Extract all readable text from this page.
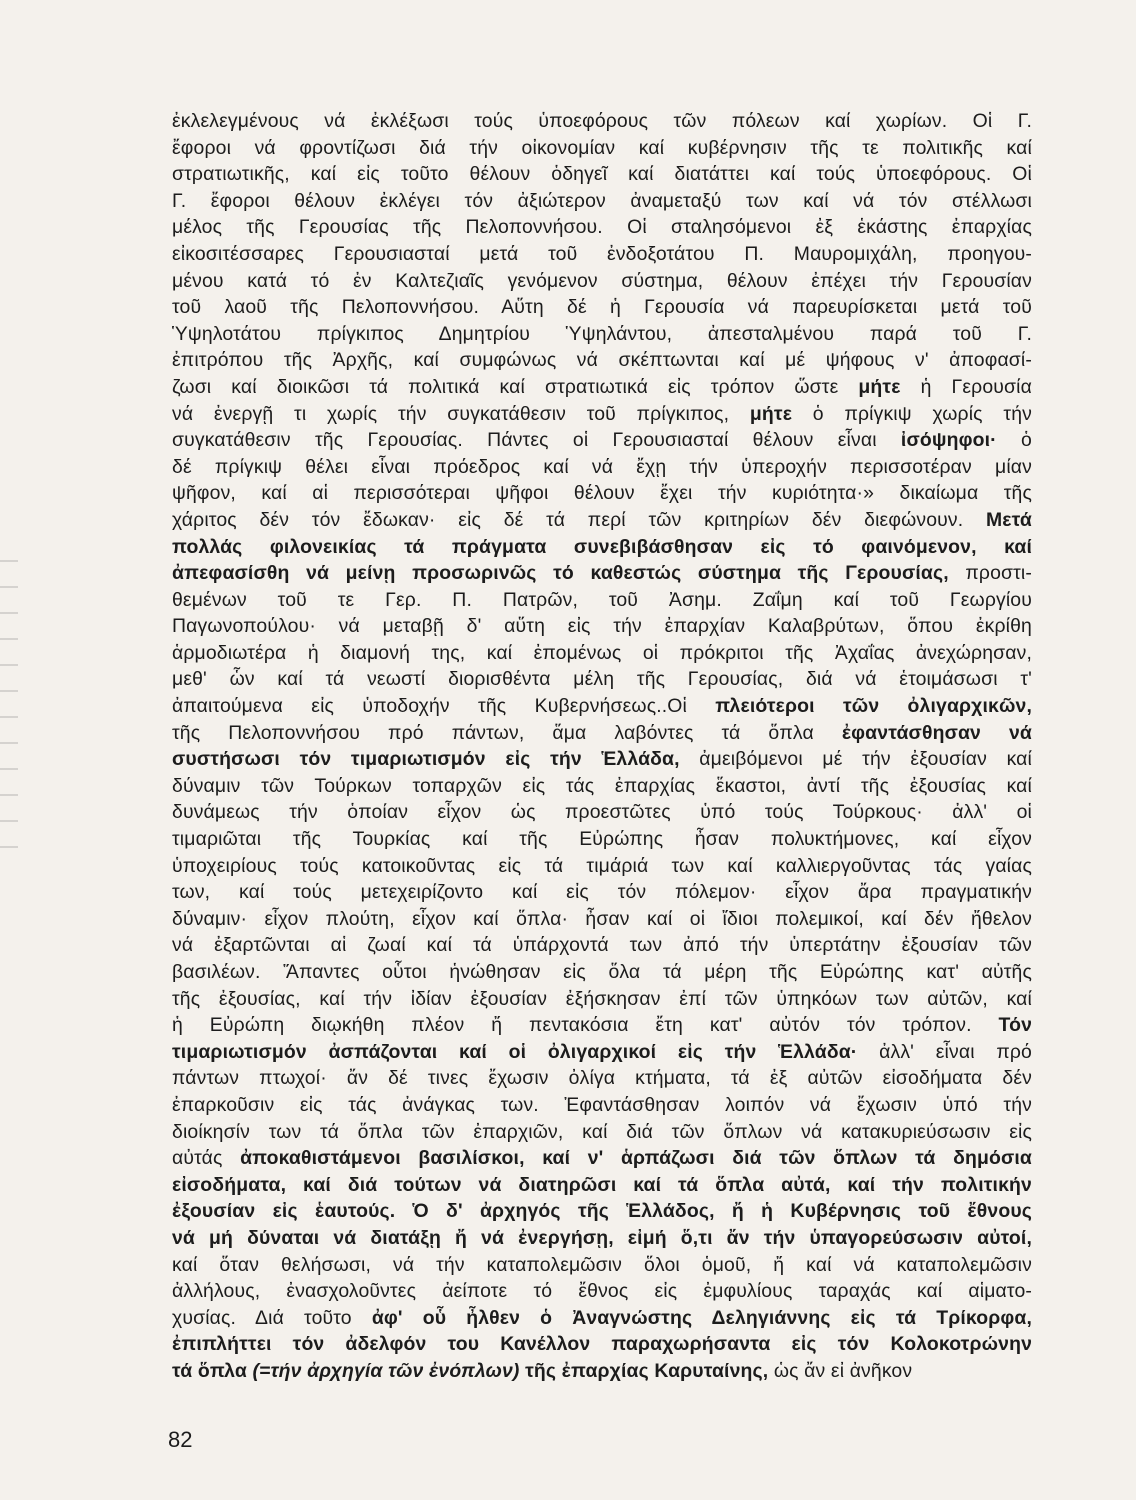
ἐκλελεγμένους νά ἐκλέξωσι τούς ὑποεφόρους τῶν πόλεων καί χωρίων. Οἱ Γ.
ἔφοροι νά φροντίζωσι διά τήν οἰκονομίαν καί κυβέρνησιν τῆς τε πολιτικῆς καί
στρατιωτικῆς, καί εἰς τοῦτο θέλουν ὁδηγεῖ καί διατάττει καί τούς ὑποεφόρους. Οἱ
Γ. ἔφοροι θέλουν ἐκλέγει τόν ἀξιώτερον ἀναμεταξύ των καί νά τόν στέλλωσι
μέλος τῆς Γερουσίας τῆς Πελοποννήσου. Οἱ σταλησόμενοι ἐξ ἑκάστης ἐπαρχίας
εἰκοσιτέσσαρες Γερουσιασταί μετά τοῦ ἐνδοξοτάτου Π. Μαυρομιχάλη, προηγου-
μένου κατά τό ἐν Καλτεζιαῖς γενόμενον σύστημα, θέλουν ἐπέχει τήν Γερουσίαν
τοῦ λαοῦ τῆς Πελοποννήσου. Αὕτη δέ ἡ Γερουσία νά παρευρίσκεται μετά τοῦ
Ὑψηλοτάτου πρίγκιπος Δημητρίου Ὑψηλάντου, ἀπεσταλμένου παρά τοῦ Γ.
ἐπιτρόπου τῆς Ἀρχῆς, καί συμφώνως νά σκέπτωνται καί μέ ψήφους ν' ἀποφασί-
ζωσι καί διοικῶσι τά πολιτικά καί στρατιωτικά εἰς τρόπον ὥστε μήτε ἡ Γερουσία
νά ἐνεργῇ τι χωρίς τήν συγκατάθεσιν τοῦ πρίγκιπος, μήτε ὁ πρίγκιψ χωρίς τήν
συγκατάθεσιν τῆς Γερουσίας. Πάντες οἱ Γερουσιασταί θέλουν εἶναι ἰσόψηφοι· ὁ
δέ πρίγκιψ θέλει εἶναι πρόεδρος καί νά ἔχῃ τήν ὑπεροχήν περισσοτέραν μίαν
ψῆφον, καί αἱ περισσότεραι ψῆφοι θέλουν ἔχει τήν κυριότητα·» δικαίωμα τῆς
χάριτος δέν τόν ἔδωκαν· εἰς δέ τά περί τῶν κριτηρίων δέν διεφώνουν. Μετά
πολλάς φιλονεικίας τά πράγματα συνεβιβάσθησαν εἰς τό φαινόμενον, καί
ἀπεφασίσθη νά μείνῃ προσωρινῶς τό καθεστώς σύστημα τῆς Γερουσίας, προστι-
θεμένων τοῦ τε Γερ. Π. Πατρῶν, τοῦ Ἀσημ. Ζαΐμη καί τοῦ Γεωργίου
Παγωνοπούλου· νά μεταβῇ δ' αὕτη εἰς τήν ἐπαρχίαν Καλαβρύτων, ὅπου ἐκρίθη
ἁρμοδιωτέρα ἡ διαμονή της, καί ἐπομένως οἱ πρόκριτοι τῆς Ἀχαΐας ἀνεχώρησαν,
μεθ' ὧν καί τά νεωστί διορισθέντα μέλη τῆς Γερουσίας, διά νά ἑτοιμάσωσι τ'
ἀπαιτούμενα εἰς ὑποδοχήν τῆς Κυβερνήσεως..Οἱ πλειότεροι τῶν ὀλιγαρχικῶν,
τῆς Πελοποννήσου πρό πάντων, ἅμα λαβόντες τά ὅπλα ἐφαντάσθησαν νά
συστήσωσι τόν τιμαριωτισμόν εἰς τήν Ἑλλάδα, ἀμειβόμενοι μέ τήν ἐξουσίαν καί
δύναμιν τῶν Τούρκων τοπαρχῶν εἰς τάς ἐπαρχίας ἕκαστοι, ἀντί τῆς ἐξουσίας καί
δυνάμεως τήν ὁποίαν εἶχον ὡς προεστῶτες ὑπό τούς Τούρκους· ἀλλ' οἱ
τιμαριῶται τῆς Τουρκίας καί τῆς Εὐρώπης ἦσαν πολυκτήμονες, καί εἶχον
ὑποχειρίους τούς κατοικοῦντας εἰς τά τιμάριά των καί καλλιεργοῦντας τάς γαίας
των, καί τούς μετεχειρίζοντο καί εἰς τόν πόλεμον· εἶχον ἄρα πραγματικήν
δύναμιν· εἶχον πλούτη, εἶχον καί ὅπλα· ἦσαν καί οἱ ἴδιοι πολεμικοί, καί δέν ἤθελον
νά ἐξαρτῶνται αἱ ζωαί καί τά ὑπάρχοντά των ἀπό τήν ὑπερτάτην ἐξουσίαν τῶν
βασιλέων. Ἅπαντες οὗτοι ἡνώθησαν εἰς ὅλα τά μέρη τῆς Εὐρώπης κατ' αὐτῆς
τῆς ἐξουσίας, καί τήν ἰδίαν ἐξουσίαν ἐξήσκησαν ἐπί τῶν ὑπηκόων των αὐτῶν, καί
ἡ Εὐρώπη διῳκήθη πλέον ἤ πεντακόσια ἔτη κατ' αὐτόν τόν τρόπον. Τόν
τιμαριωτισμόν ἀσπάζονται καί οἱ ὀλιγαρχικοί εἰς τήν Ἑλλάδα· ἀλλ' εἶναι πρό
πάντων πτωχοί· ἄν δέ τινες ἔχωσιν ὀλίγα κτήματα, τά ἐξ αὐτῶν εἰσοδήματα δέν
ἐπαρκοῦσιν εἰς τάς ἀνάγκας των. Ἐφαντάσθησαν λοιπόν νά ἔχωσιν ὑπό τήν
διοίκησίν των τά ὅπλα τῶν ἐπαρχιῶν, καί διά τῶν ὅπλων νά κατακυριεύσωσιν εἰς
αὐτάς ἀποκαθιστάμενοι βασιλίσκοι, καί ν' ἁρπάζωσι διά τῶν ὅπλων τά δημόσια
εἰσοδήματα, καί διά τούτων νά διατηρῶσι καί τά ὅπλα αὐτά, καί τήν πολιτικήν
ἐξουσίαν εἰς ἑαυτούς. Ὁ δ' ἀρχηγός τῆς Ἑλλάδος, ἤ ἡ Κυβέρνησις τοῦ ἔθνους
νά μή δύναται νά διατάξῃ ἤ νά ἐνεργήσῃ, εἰμή ὅ,τι ἄν τήν ὑπαγορεύσωσιν αὐτοί,
καί ὅταν θελήσωσι, νά τήν καταπολεμῶσιν ὅλοι ὁμοῦ, ἤ καί νά καταπολεμῶσιν
ἀλλήλους, ἐνασχολοῦντες ἀείποτε τό ἔθνος εἰς ἐμφυλίους ταραχάς καί αἱματο-
χυσίας. Διά τοῦτο ἀφ' οὗ ἦλθεν ὁ Ἀναγνώστης Δεληγιάννης εἰς τά Τρίκορφα,
ἐπιπλήττει τόν ἀδελφόν του Κανέλλον παραχωρήσαντα εἰς τόν Κολοκοτρώνην
τά ὅπλα (=τήν ἀρχηγία τῶν ἐνόπλων) τῆς ἐπαρχίας Καρυταίνης, ὡς ἄν εἰ ἀνῆκον
82
